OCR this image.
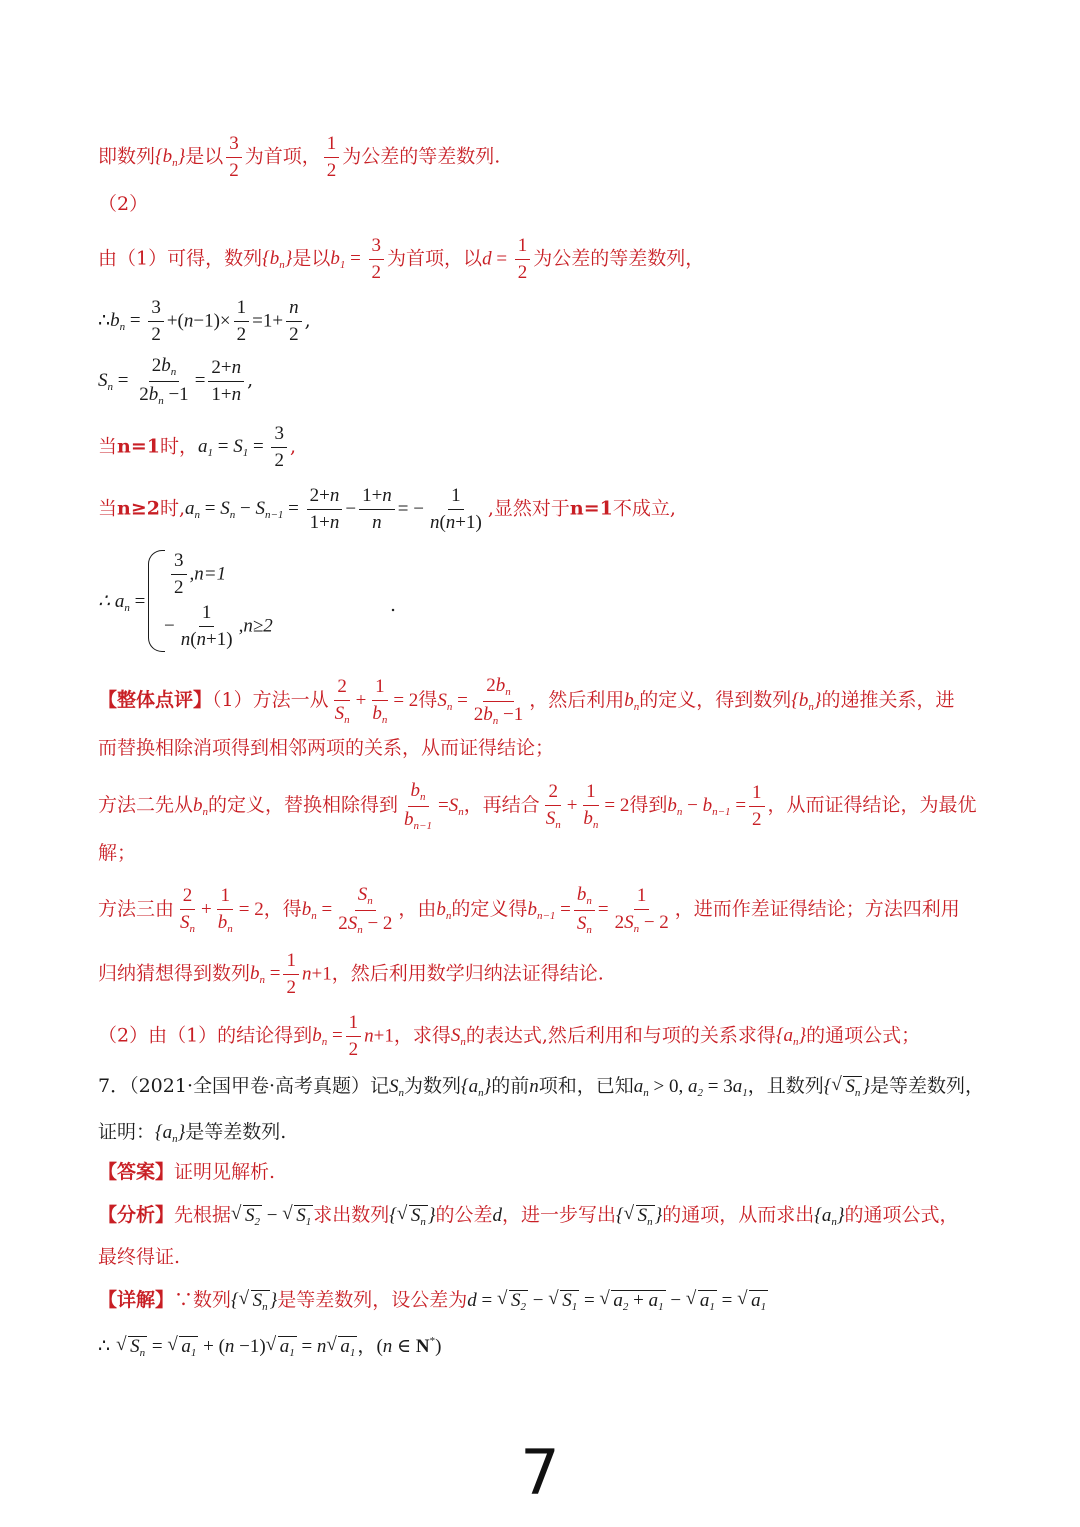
即数列$\{b_n\}$是以 $\frac{3}{2}$ 为首项， $\frac{1}{2}$ 为公差的等差数列.
（2）
由（1）可得，数列$\{b_n\}$是以$b_1 = \frac{3}{2}$ 为首项，以$d = \frac{1}{2}$ 为公差的等差数列，
$\therefore b_n = \frac{3}{2} +(n-1)\times \frac{1}{2} =1+ \frac{n}{2}$ ,
$S_n = \frac{2b_n}{2b_n -1} = \frac{2+n}{1+n}$ ,
当n=1时，$a_1 = S_1 = \frac{3}{2}$ ,
当n≥2时$,a_n = S_n - S_{n-1} = \frac{2+n}{1+n} - \frac{1+n}{n}$ = − $\frac{1}{n(n+1)}$ ,显然对于n=1不成立,
∴ $a_n$ =
$\frac{3}{2} ,n=1$
− $\frac{1}{n(n+1)} ,n\ge 2$
.
【整体点评】（1）方法一从 $\frac{2}{S_n} + \frac{1}{b_n} = 2$得$S_n = \frac{2b_n}{2b_n -1}$ ，然后利用$b_n$的定义，得到数列$\{b_n\}$的递推关系，进
而替换相除消项得到相邻两项的关系，从而证得结论；
方法二先从$b_n$的定义，替换相除得到 $\frac{b_n}{b_{n-1}} =S_n$，再结合 $\frac{2}{S_n} + \frac{1}{b_n} = 2$得到$b_n - b_{n-1} = \frac{1}{2}$ ，从而证得结论，为最优
解；
方法三由 $\frac{2}{S_n} + \frac{1}{b_n} = 2$，得$b_n = \frac{S_n}{2S_n - 2}$ ，由$b_n$的定义得$b_{n-1} = \frac{b_n}{S_n} = \frac{1}{2S_n - 2}$ ，进而作差证得结论；方法四利用
归纳猜想得到数列$b_n = \frac{1}{2} n+1$，然后利用数学归纳法证得结论.
（2）由（1）的结论得到$b_n = \frac{1}{2} n+1$，求得$S_n$的表达式,然后利用和与项的关系求得$\{a_n\}$的通项公式；
7．（2021·全国甲卷·高考真题）记$S_n$为数列$\{a_n\}$的前n项和，已知$a_n > 0$, $a_2 = 3a_1$，且数列{√ $S_n$ }是等差数列，
证明：$\{a_n\}$是等差数列.
【答案】证明见解析.
【分析】先根据√ $S_2$ − √ $S_1$ 求出数列{√ $S_n$ }的公差d，进一步写出{√ $S_n$ }的通项，从而求出$\{a_n\}$的通项公式，
最终得证.
【详解】∵数列{√ $S_n$ }是等差数列，设公差为d = √ $S_2$ − √ $S_1$ = √ $a_2 + a_1$ − √ $a_1$ = √ $a_1$
∴ √ $S_n$ = √ $a_1 + (n -1)√$ $a_1 = n√$ $a_1$ ，(n ∈ N*)
7
